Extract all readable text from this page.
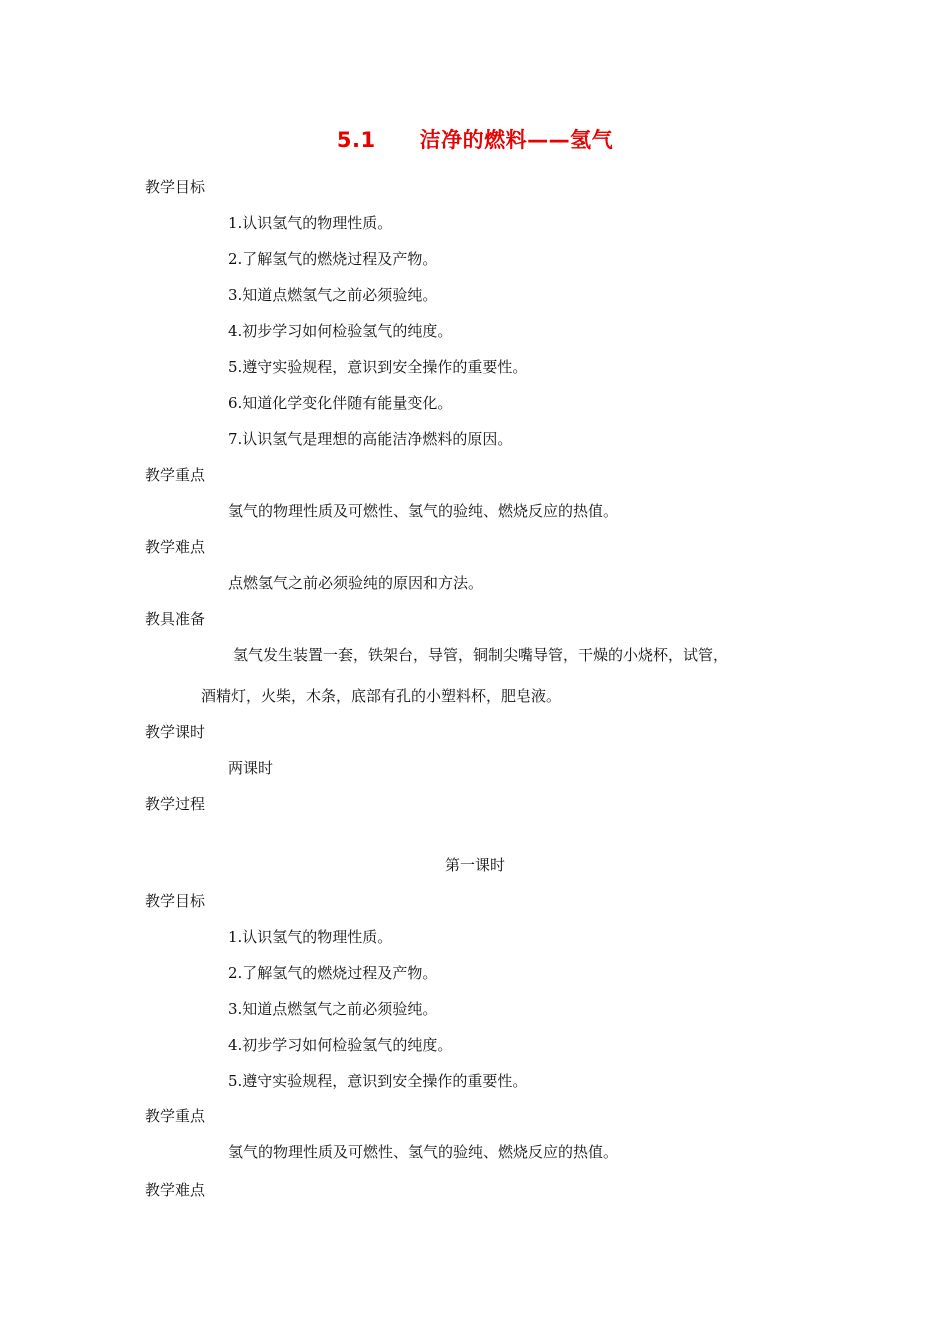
5.1 洁净的燃料——氢气
教学目标
1.认识氢气的物理性质。
2.了解氢气的燃烧过程及产物。
3.知道点燃氢气之前必须验纯。
4.初步学习如何检验氢气的纯度。
5.遵守实验规程，意识到安全操作的重要性。
6.知道化学变化伴随有能量变化。
7.认识氢气是理想的高能洁净燃料的原因。
教学重点
氢气的物理性质及可燃性、氢气的验纯、燃烧反应的热值。
教学难点
点燃氢气之前必须验纯的原因和方法。
教具准备
氢气发生装置一套，铁架台，导管，铜制尖嘴导管，干燥的小烧杯，试管，
酒精灯，火柴，木条，底部有孔的小塑料杯，肥皂液。
教学课时
两课时
教学过程
第一课时
教学目标
1.认识氢气的物理性质。
2.了解氢气的燃烧过程及产物。
3.知道点燃氢气之前必须验纯。
4.初步学习如何检验氢气的纯度。
5.遵守实验规程，意识到安全操作的重要性。
教学重点
氢气的物理性质及可燃性、氢气的验纯、燃烧反应的热值。
教学难点
